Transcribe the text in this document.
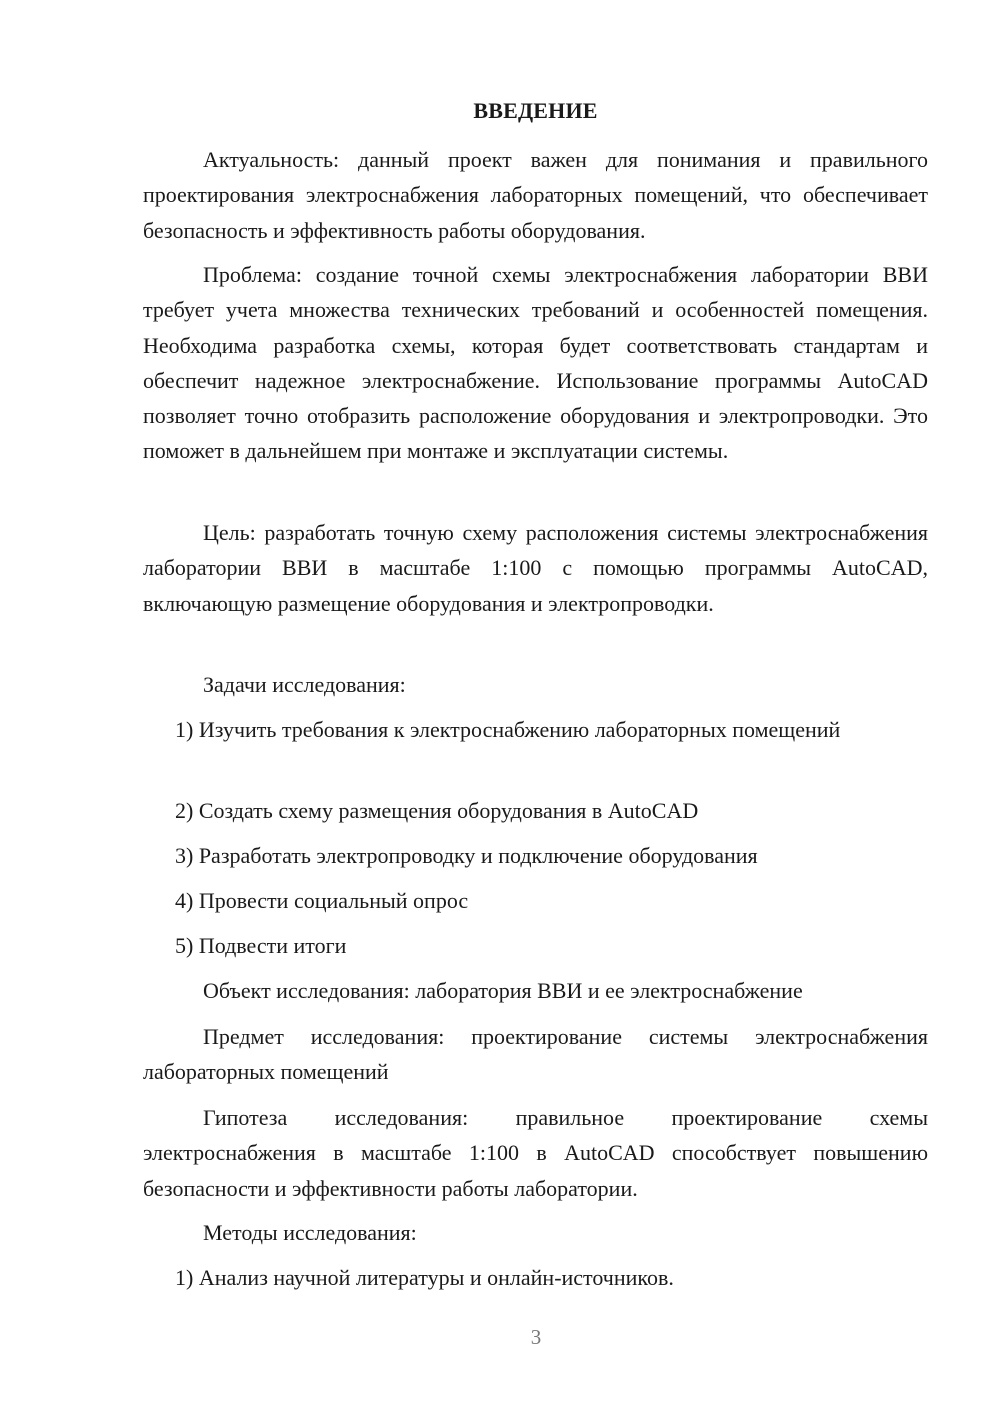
ВВЕДЕНИЕ

Актуальность: данный проект важен для понимания и правильного проектирования электроснабжения лабораторных помещений, что обеспечивает безопасность и эффективность работы оборудования.

Проблема: создание точной схемы электроснабжения лаборатории ВВИ требует учета множества технических требований и особенностей помещения. Необходима разработка схемы, которая будет соответствовать стандартам и обеспечит надежное электроснабжение. Использование программы AutoCAD позволяет точно отобразить расположение оборудования и электропроводки. Это поможет в дальнейшем при монтаже и эксплуатации системы.

Цель: разработать точную схему расположения системы электроснабжения лаборатории ВВИ в масштабе 1:100 с помощью программы AutoCAD, включающую размещение оборудования и электропроводки.

Задачи исследования:

1) Изучить требования к электроснабжению лабораторных помещений

2) Создать схему размещения оборудования в AutoCAD

3) Разработать электропроводку и подключение оборудования

4) Провести социальный опрос

5) Подвести итоги

Объект исследования: лаборатория ВВИ и ее электроснабжение

Предмет исследования: проектирование системы электроснабжения лабораторных помещений

Гипотеза исследования: правильное проектирование схемы электроснабжения в масштабе 1:100 в AutoCAD способствует повышению безопасности и эффективности работы лаборатории.

Методы исследования:

1) Анализ научной литературы и онлайн-источников.

3
